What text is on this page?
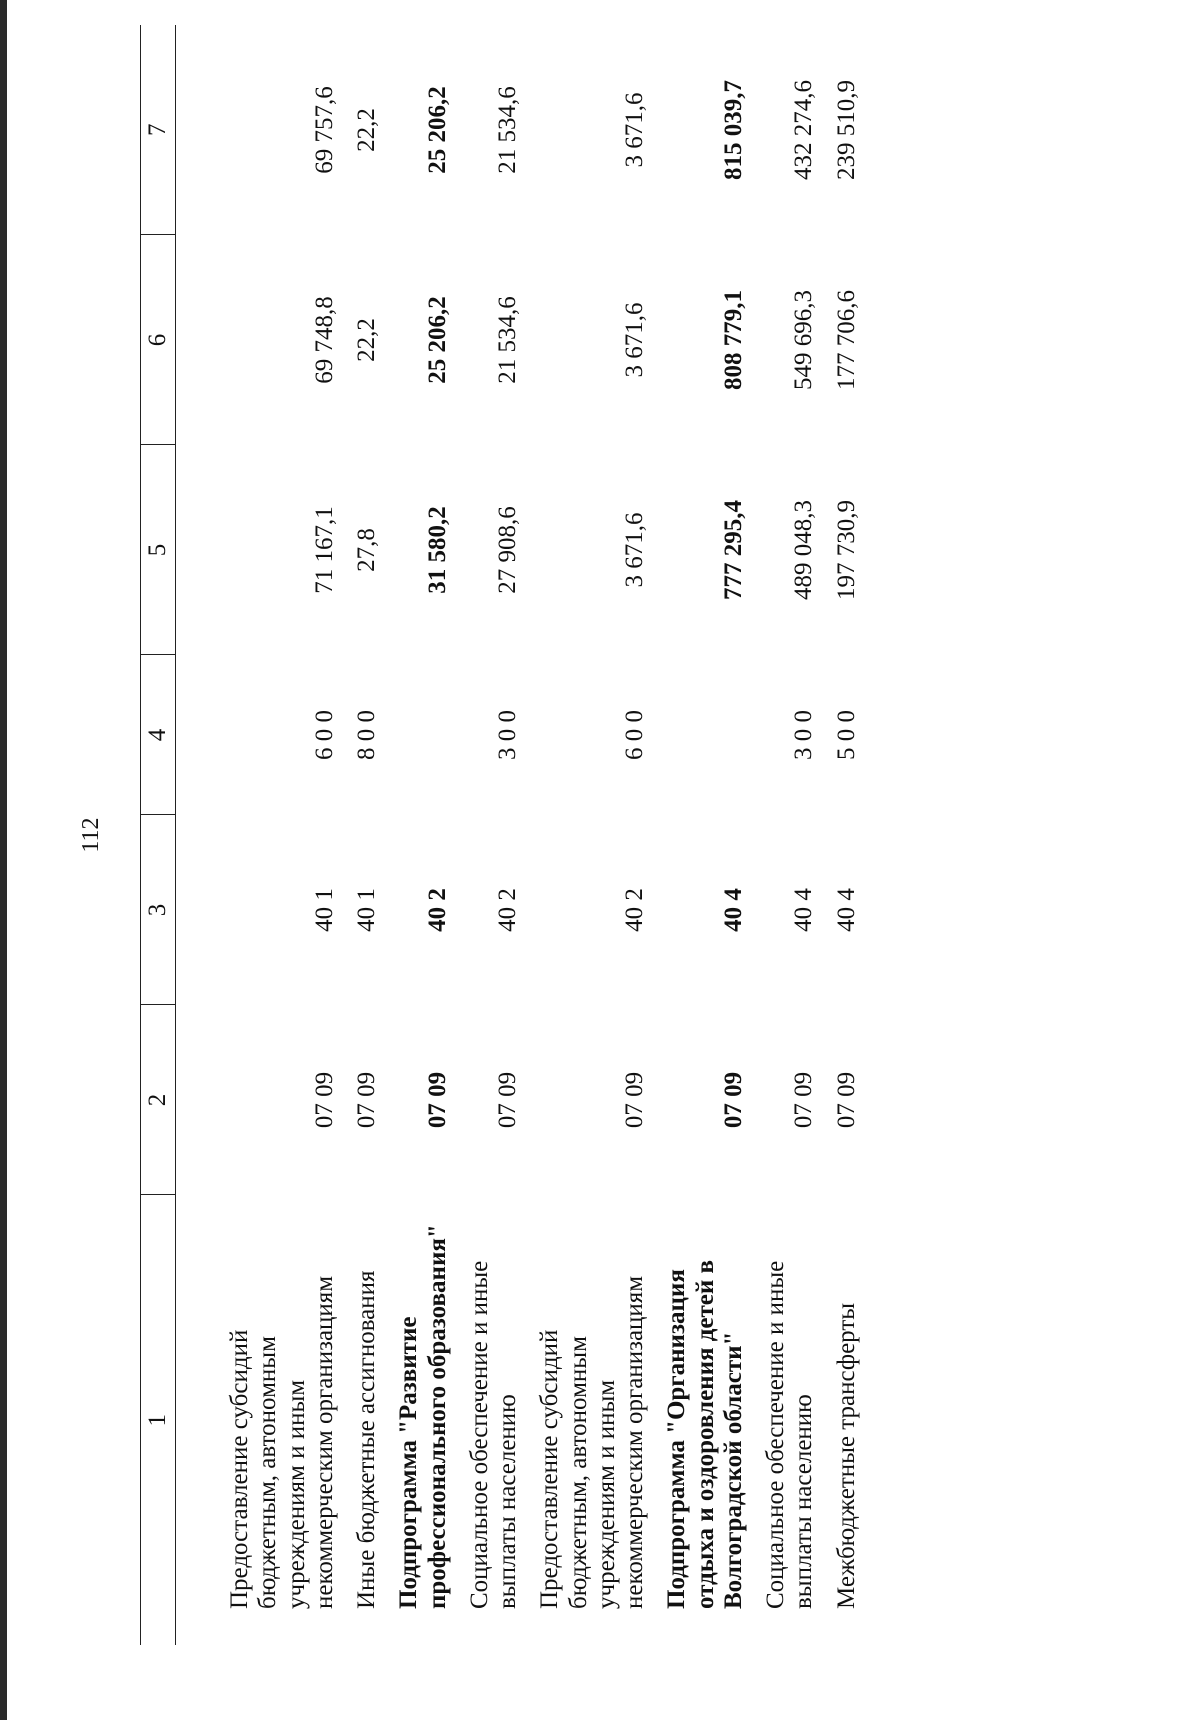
112
1	2	3	4	5	6	7
Предоставление субсидий бюджетным, автономным учреждениям и иным некоммерческим организациям	07 09	40 1	6 0 0	71 167,1	69 748,8	69 757,6
Иные бюджетные ассигнования	07 09	40 1	8 0 0	27,8	22,2	22,2
Подпрограмма "Развитие профессионального образования"	07 09	40 2		31 580,2	25 206,2	25 206,2
Социальное обеспечение и иные выплаты населению	07 09	40 2	3 0 0	27 908,6	21 534,6	21 534,6
Предоставление субсидий бюджетным, автономным учреждениям и иным некоммерческим организациям	07 09	40 2	6 0 0	3 671,6	3 671,6	3 671,6
Подпрограмма "Организация отдыха и оздоровления детей в Волгоградской области"	07 09	40 4		777 295,4	808 779,1	815 039,7
Социальное обеспечение и иные выплаты населению	07 09	40 4	3 0 0	489 048,3	549 696,3	432 274,6
Межбюджетные трансферты	07 09	40 4	5 0 0	197 730,9	177 706,6	239 510,9
